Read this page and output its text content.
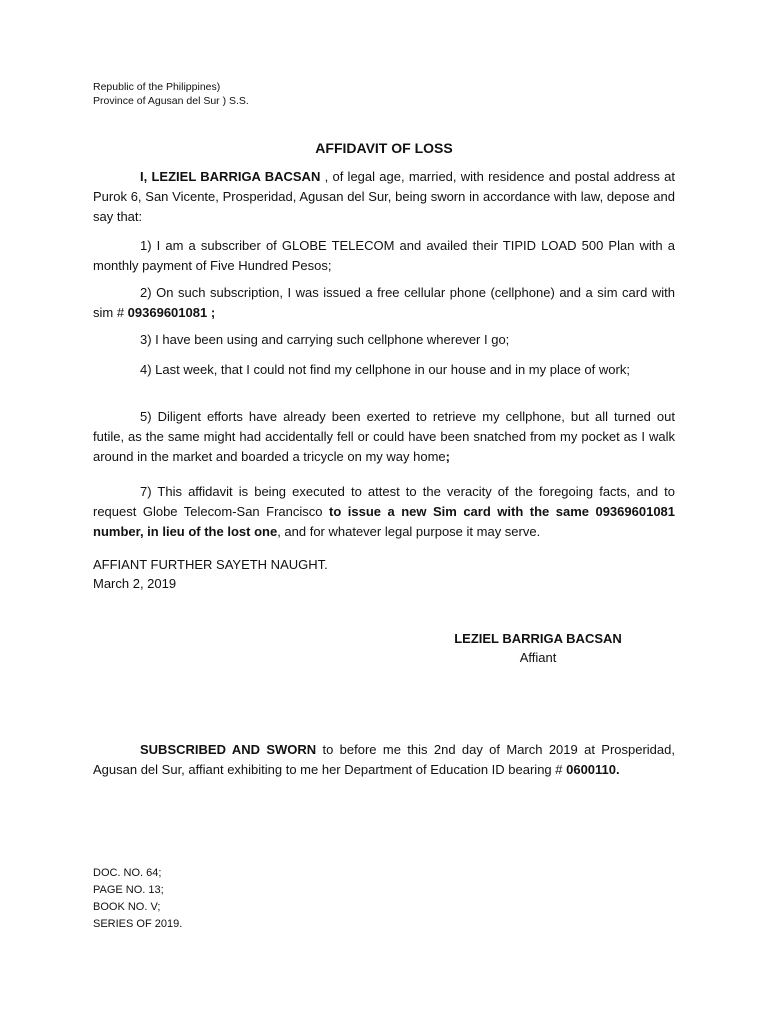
Republic of the Philippines)
Province of Agusan del Sur ) S.S.
AFFIDAVIT OF LOSS

I, LEZIEL BARRIGA BACSAN , of legal age, married, with residence and postal address at Purok 6, San Vicente, Prosperidad, Agusan del Sur, being sworn in accordance with law, depose and say that:

1) I am a subscriber of GLOBE TELECOM and availed their TIPID LOAD 500 Plan with a monthly payment of Five Hundred Pesos;

2) On such subscription, I was issued a free cellular phone (cellphone) and a sim card with sim # 09369601081 ;

3) I have been using and carrying such cellphone wherever I go;

4) Last week, that I could not find my cellphone in our house and in my place of work;

5) Diligent efforts have already been exerted to retrieve my cellphone, but all turned out futile, as the same might had accidentally fell or could have been snatched from my pocket as I walk around in the market and boarded a tricycle on my way home;

7) This affidavit is being executed to attest to the veracity of the foregoing facts, and to request Globe Telecom-San Francisco to issue a new Sim card with the same 09369601081 number, in lieu of the lost one, and for whatever legal purpose it may serve.

AFFIANT FURTHER SAYETH NAUGHT.

March 2, 2019

LEZIEL BARRIGA BACSAN
Affiant

SUBSCRIBED AND SWORN to before me this 2nd day of March 2019 at Prosperidad, Agusan del Sur, affiant exhibiting to me her Department of Education ID bearing # 0600110.

DOC. NO. 64;
PAGE NO. 13;
BOOK NO. V;
SERIES OF 2019.
